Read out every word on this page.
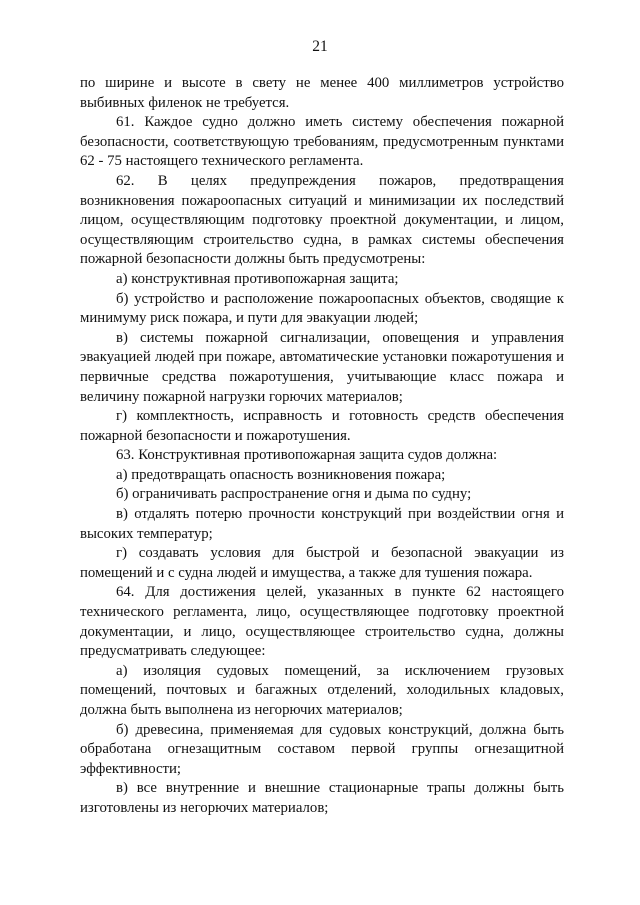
21

по ширине и высоте в свету не менее 400 миллиметров устройство выбивных филенок не требуется.

61. Каждое судно должно иметь систему обеспечения пожарной безопасности, соответствующую требованиям, предусмотренным пунктами 62 - 75 настоящего технического регламента.

62. В целях предупреждения пожаров, предотвращения возникновения пожароопасных ситуаций и минимизации их последствий лицом, осуществляющим подготовку проектной документации, и лицом, осуществляющим строительство судна, в рамках системы обеспечения пожарной безопасности должны быть предусмотрены:

а) конструктивная противопожарная защита;

б) устройство и расположение пожароопасных объектов, сводящие к минимуму риск пожара, и пути для эвакуации людей;

в) системы пожарной сигнализации, оповещения и управления эвакуацией людей при пожаре, автоматические установки пожаротушения и первичные средства пожаротушения, учитывающие класс пожара и величину пожарной нагрузки горючих материалов;

г) комплектность, исправность и готовность средств обеспечения пожарной безопасности и пожаротушения.

63. Конструктивная противопожарная защита судов должна:

а) предотвращать опасность возникновения пожара;

б) ограничивать распространение огня и дыма по судну;

в) отдалять потерю прочности конструкций при воздействии огня и высоких температур;

г) создавать условия для быстрой и безопасной эвакуации из помещений и с судна людей и имущества, а также для тушения пожара.

64. Для достижения целей, указанных в пункте 62 настоящего технического регламента, лицо, осуществляющее подготовку проектной документации, и лицо, осуществляющее строительство судна, должны предусматривать следующее:

а) изоляция судовых помещений, за исключением грузовых помещений, почтовых и багажных отделений, холодильных кладовых, должна быть выполнена из негорючих материалов;

б) древесина, применяемая для судовых конструкций, должна быть обработана огнезащитным составом первой группы огнезащитной эффективности;

в) все внутренние и внешние стационарные трапы должны быть изготовлены из негорючих материалов;
